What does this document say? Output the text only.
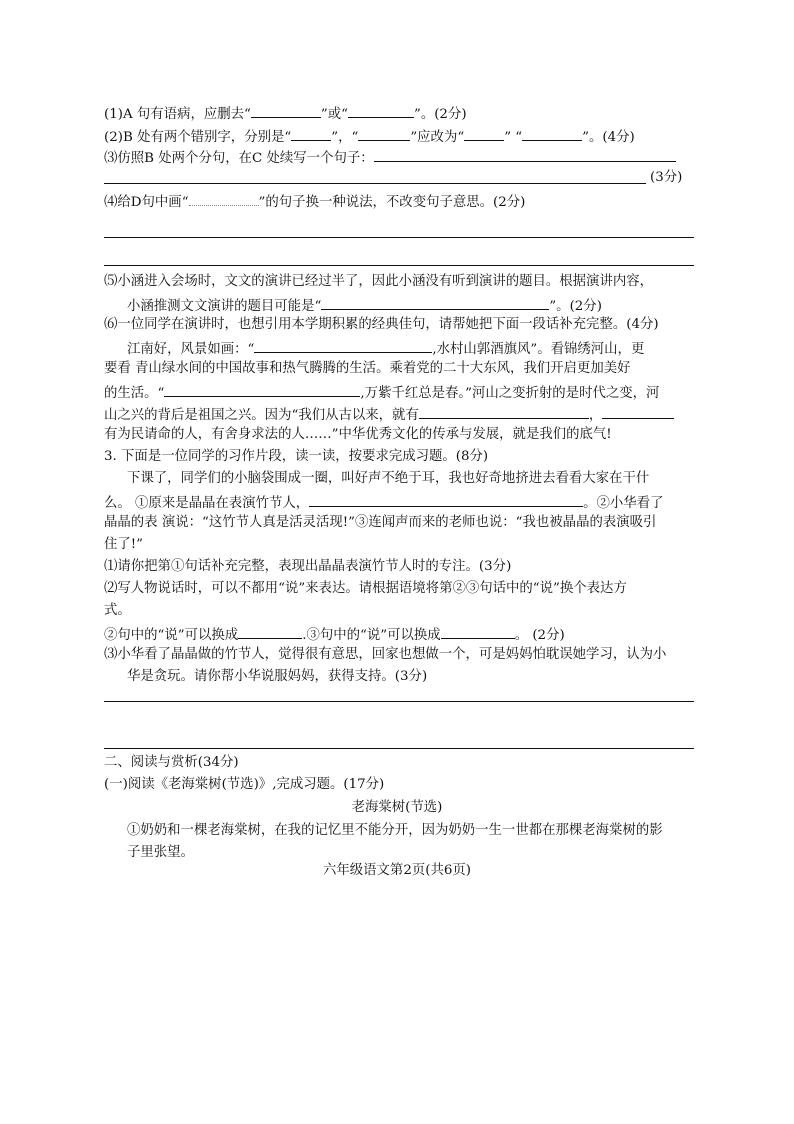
(1)A 句有语病，应删去“	”或“	”。(2分)
(2)B 处有两个错别字，分别是“	”，“	”应改为“	” “	”。(4分)
⑶仿照B 处两个分句，在C 处续写一个句子：
(3分)
⑷给D句中画“	”的句子换一种说法，不改变句子意思。(2分)
⑸小涵进入会场时，文文的演讲已经过半了，因此小涵没有听到演讲的题目。根据演讲内容，
小涵推测文文演讲的题目可能是“	”。(2分)
⑹一位同学在演讲时，也想引用本学期积累的经典佳句，请帮她把下面一段话补充完整。(4分)
江南好，风景如画：“	,水村山郭酒旗风”。看锦绣河山，更
要看 青山绿水间的中国故事和热气腾腾的生活。乘着党的二十大东风，我们开启更加美好
的生活。“	,万紫千红总是春。”河山之变折射的是时代之变，河
山之兴的背后是祖国之兴。因为“我们从古以来，就有	，
有为民请命的人，有舍身求法的人……”中华优秀文化的传承与发展，就是我们的底气!
3. 下面是一位同学的习作片段，读一读，按要求完成习题。(8分)
下课了，同学们的小脑袋围成一圈，叫好声不绝于耳，我也好奇地挤进去看看大家在干什
么。 ①原来是晶晶在表演竹节人，	。②小华看了
晶晶的表 演说：“这竹节人真是活灵活现!”③连闻声而来的老师也说：“我也被晶晶的表演吸引
住了!”
⑴请你把第①句话补充完整，表现出晶晶表演竹节人时的专注。(3分)
⑵写人物说话时，可以不都用“说”来表达。请根据语境将第②③句话中的“说”换个表达方
式。
②句中的“说”可以换成	.③句中的“说”可以换成	。 (2分)
⑶小华看了晶晶做的竹节人，觉得很有意思，回家也想做一个，可是妈妈怕耽误她学习，认为小
华是贪玩。请你帮小华说服妈妈，获得支持。(3分)
二、阅读与赏析(34分)
(一)阅读《老海棠树(节选)》,完成习题。(17分)
老海棠树(节选)
①奶奶和一棵老海棠树，在我的记忆里不能分开，因为奶奶一生一世都在那棵老海棠树的影
子里张望。
六年级语文第2页(共6页)
